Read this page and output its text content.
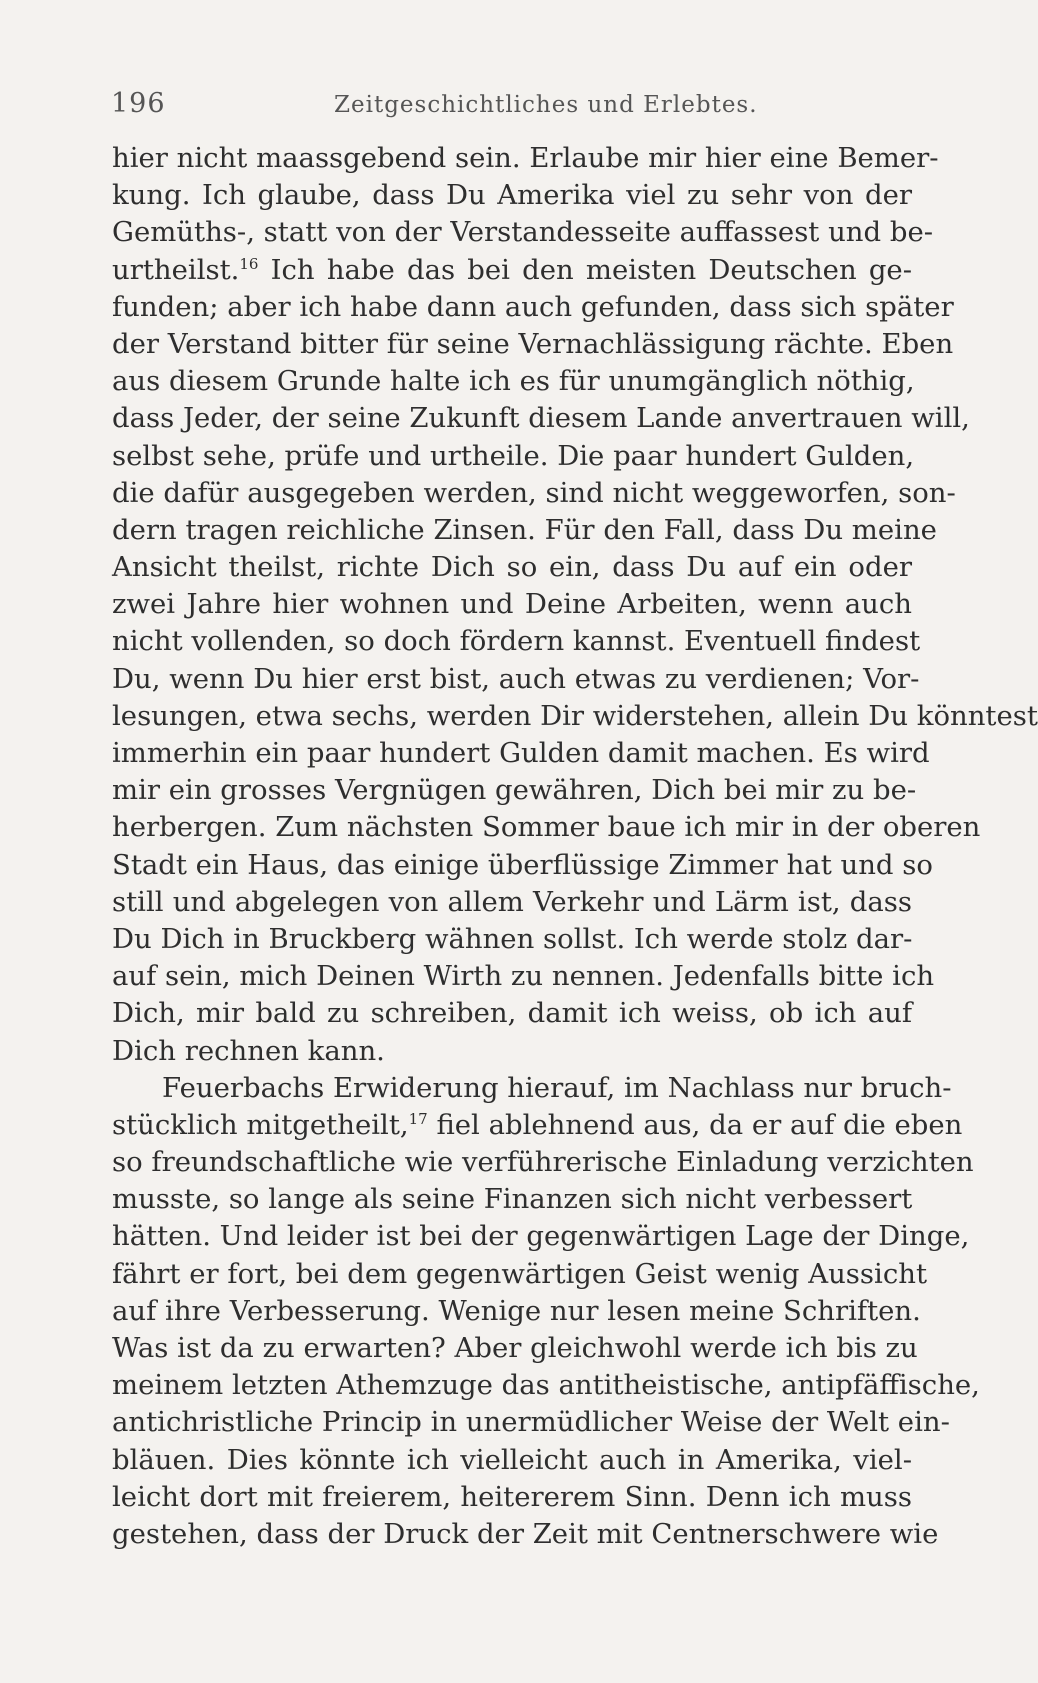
196	Zeitgeschichtliches und Erlebtes.
hier nicht maassgebend sein. Erlaube mir hier eine Bemer-
kung. Ich glaube, dass Du Amerika viel zu sehr von der
Gemüths-, statt von der Verstandesseite auffassest und be-
urtheilst.$^{16}$ Ich habe das bei den meisten Deutschen ge-
funden; aber ich habe dann auch gefunden, dass sich später
der Verstand bitter für seine Vernachlässigung rächte. Eben
aus diesem Grunde halte ich es für unumgänglich nöthig,
dass Jeder, der seine Zukunft diesem Lande anvertrauen will,
selbst sehe, prüfe und urtheile. Die paar hundert Gulden,
die dafür ausgegeben werden, sind nicht weggeworfen, son-
dern tragen reichliche Zinsen. Für den Fall, dass Du meine
Ansicht theilst, richte Dich so ein, dass Du auf ein oder
zwei Jahre hier wohnen und Deine Arbeiten, wenn auch
nicht vollenden, so doch fördern kannst. Eventuell findest
Du, wenn Du hier erst bist, auch etwas zu verdienen; Vor-
lesungen, etwa sechs, werden Dir widerstehen, allein Du könntest
immerhin ein paar hundert Gulden damit machen. Es wird
mir ein grosses Vergnügen gewähren, Dich bei mir zu be-
herbergen. Zum nächsten Sommer baue ich mir in der oberen
Stadt ein Haus, das einige überflüssige Zimmer hat und so
still und abgelegen von allem Verkehr und Lärm ist, dass
Du Dich in Bruckberg wähnen sollst. Ich werde stolz dar-
auf sein, mich Deinen Wirth zu nennen. Jedenfalls bitte ich
Dich, mir bald zu schreiben, damit ich weiss, ob ich auf
Dich rechnen kann.
Feuerbachs Erwiderung hierauf, im Nachlass nur bruch-
stücklich mitgetheilt,$^{17}$ fiel ablehnend aus, da er auf die eben
so freundschaftliche wie verführerische Einladung verzichten
musste, so lange als seine Finanzen sich nicht verbessert
hätten. Und leider ist bei der gegenwärtigen Lage der Dinge,
fährt er fort, bei dem gegenwärtigen Geist wenig Aussicht
auf ihre Verbesserung. Wenige nur lesen meine Schriften.
Was ist da zu erwarten? Aber gleichwohl werde ich bis zu
meinem letzten Athemzuge das antitheistische, antipfäffische,
antichristliche Princip in unermüdlicher Weise der Welt ein-
bläuen. Dies könnte ich vielleicht auch in Amerika, viel-
leicht dort mit freierem, heitererem Sinn. Denn ich muss
gestehen, dass der Druck der Zeit mit Centnerschwere wie
